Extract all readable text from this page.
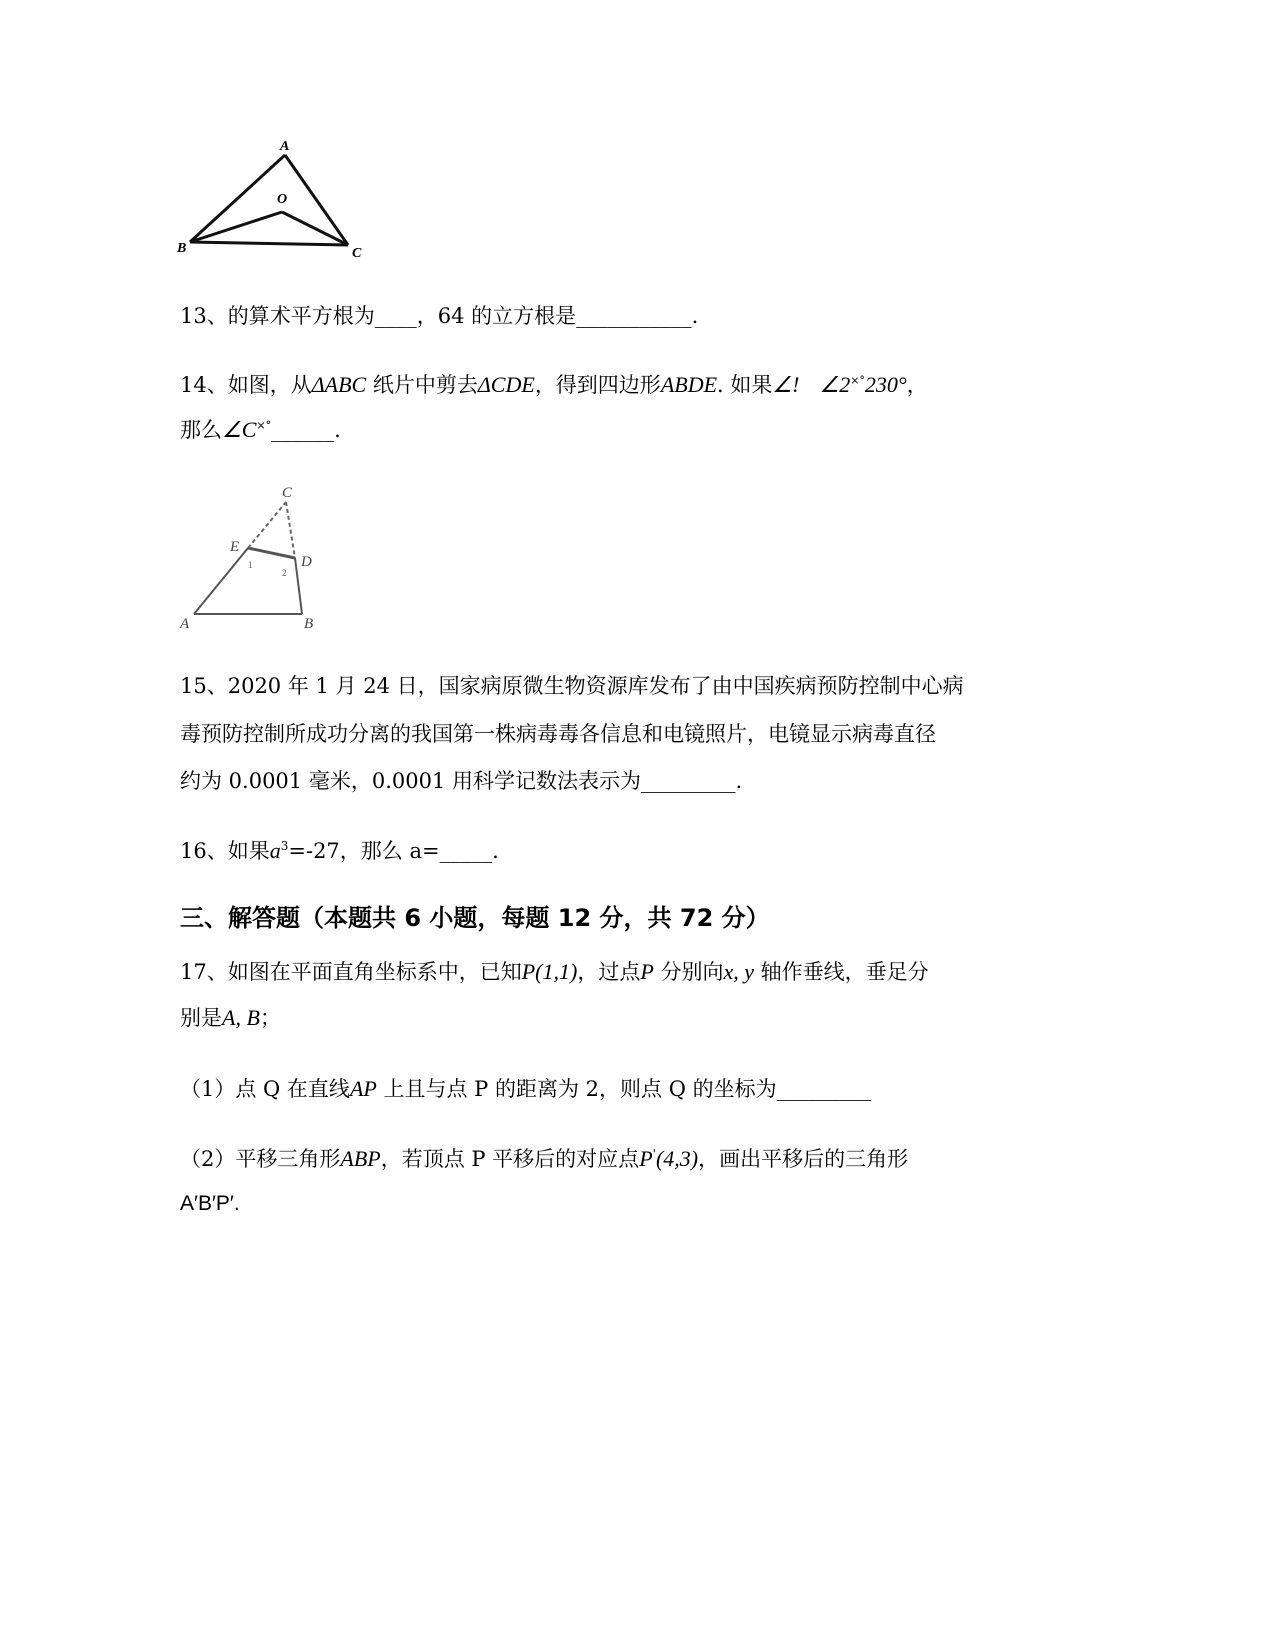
A
O
B	C
13、的算术平方根为____，64 的立方根是___________.
14、如图，从ΔABC 纸片中剪去ΔCDE，得到四边形ABDE. 如果∠! ∠2×°230°，
那么∠C×°______.
C
E
D
1
2
A	B
15、2020 年 1 月 24 日，国家病原微生物资源库发布了由中国疾病预防控制中心病
毒预防控制所成功分离的我国第一株病毒毒各信息和电镜照片，电镜显示病毒直径
约为 0.0001 毫米，0.0001 用科学记数法表示为_________.
16、如果$a^3=-27$，那么 a=_____.
三、解答题（本题共 6 小题，每题 12 分，共 72 分）
17、如图在平面直角坐标系中，已知P(1,1)，过点P 分别向x, y 轴作垂线，垂足分
别是A, B；
（1）点 Q 在直线AP 上且与点 P 的距离为 2，则点 Q 的坐标为_________
（2）平移三角形ABP，若顶点 P 平移后的对应点P'(4,3)，画出平移后的三角形
A′B′P′.
